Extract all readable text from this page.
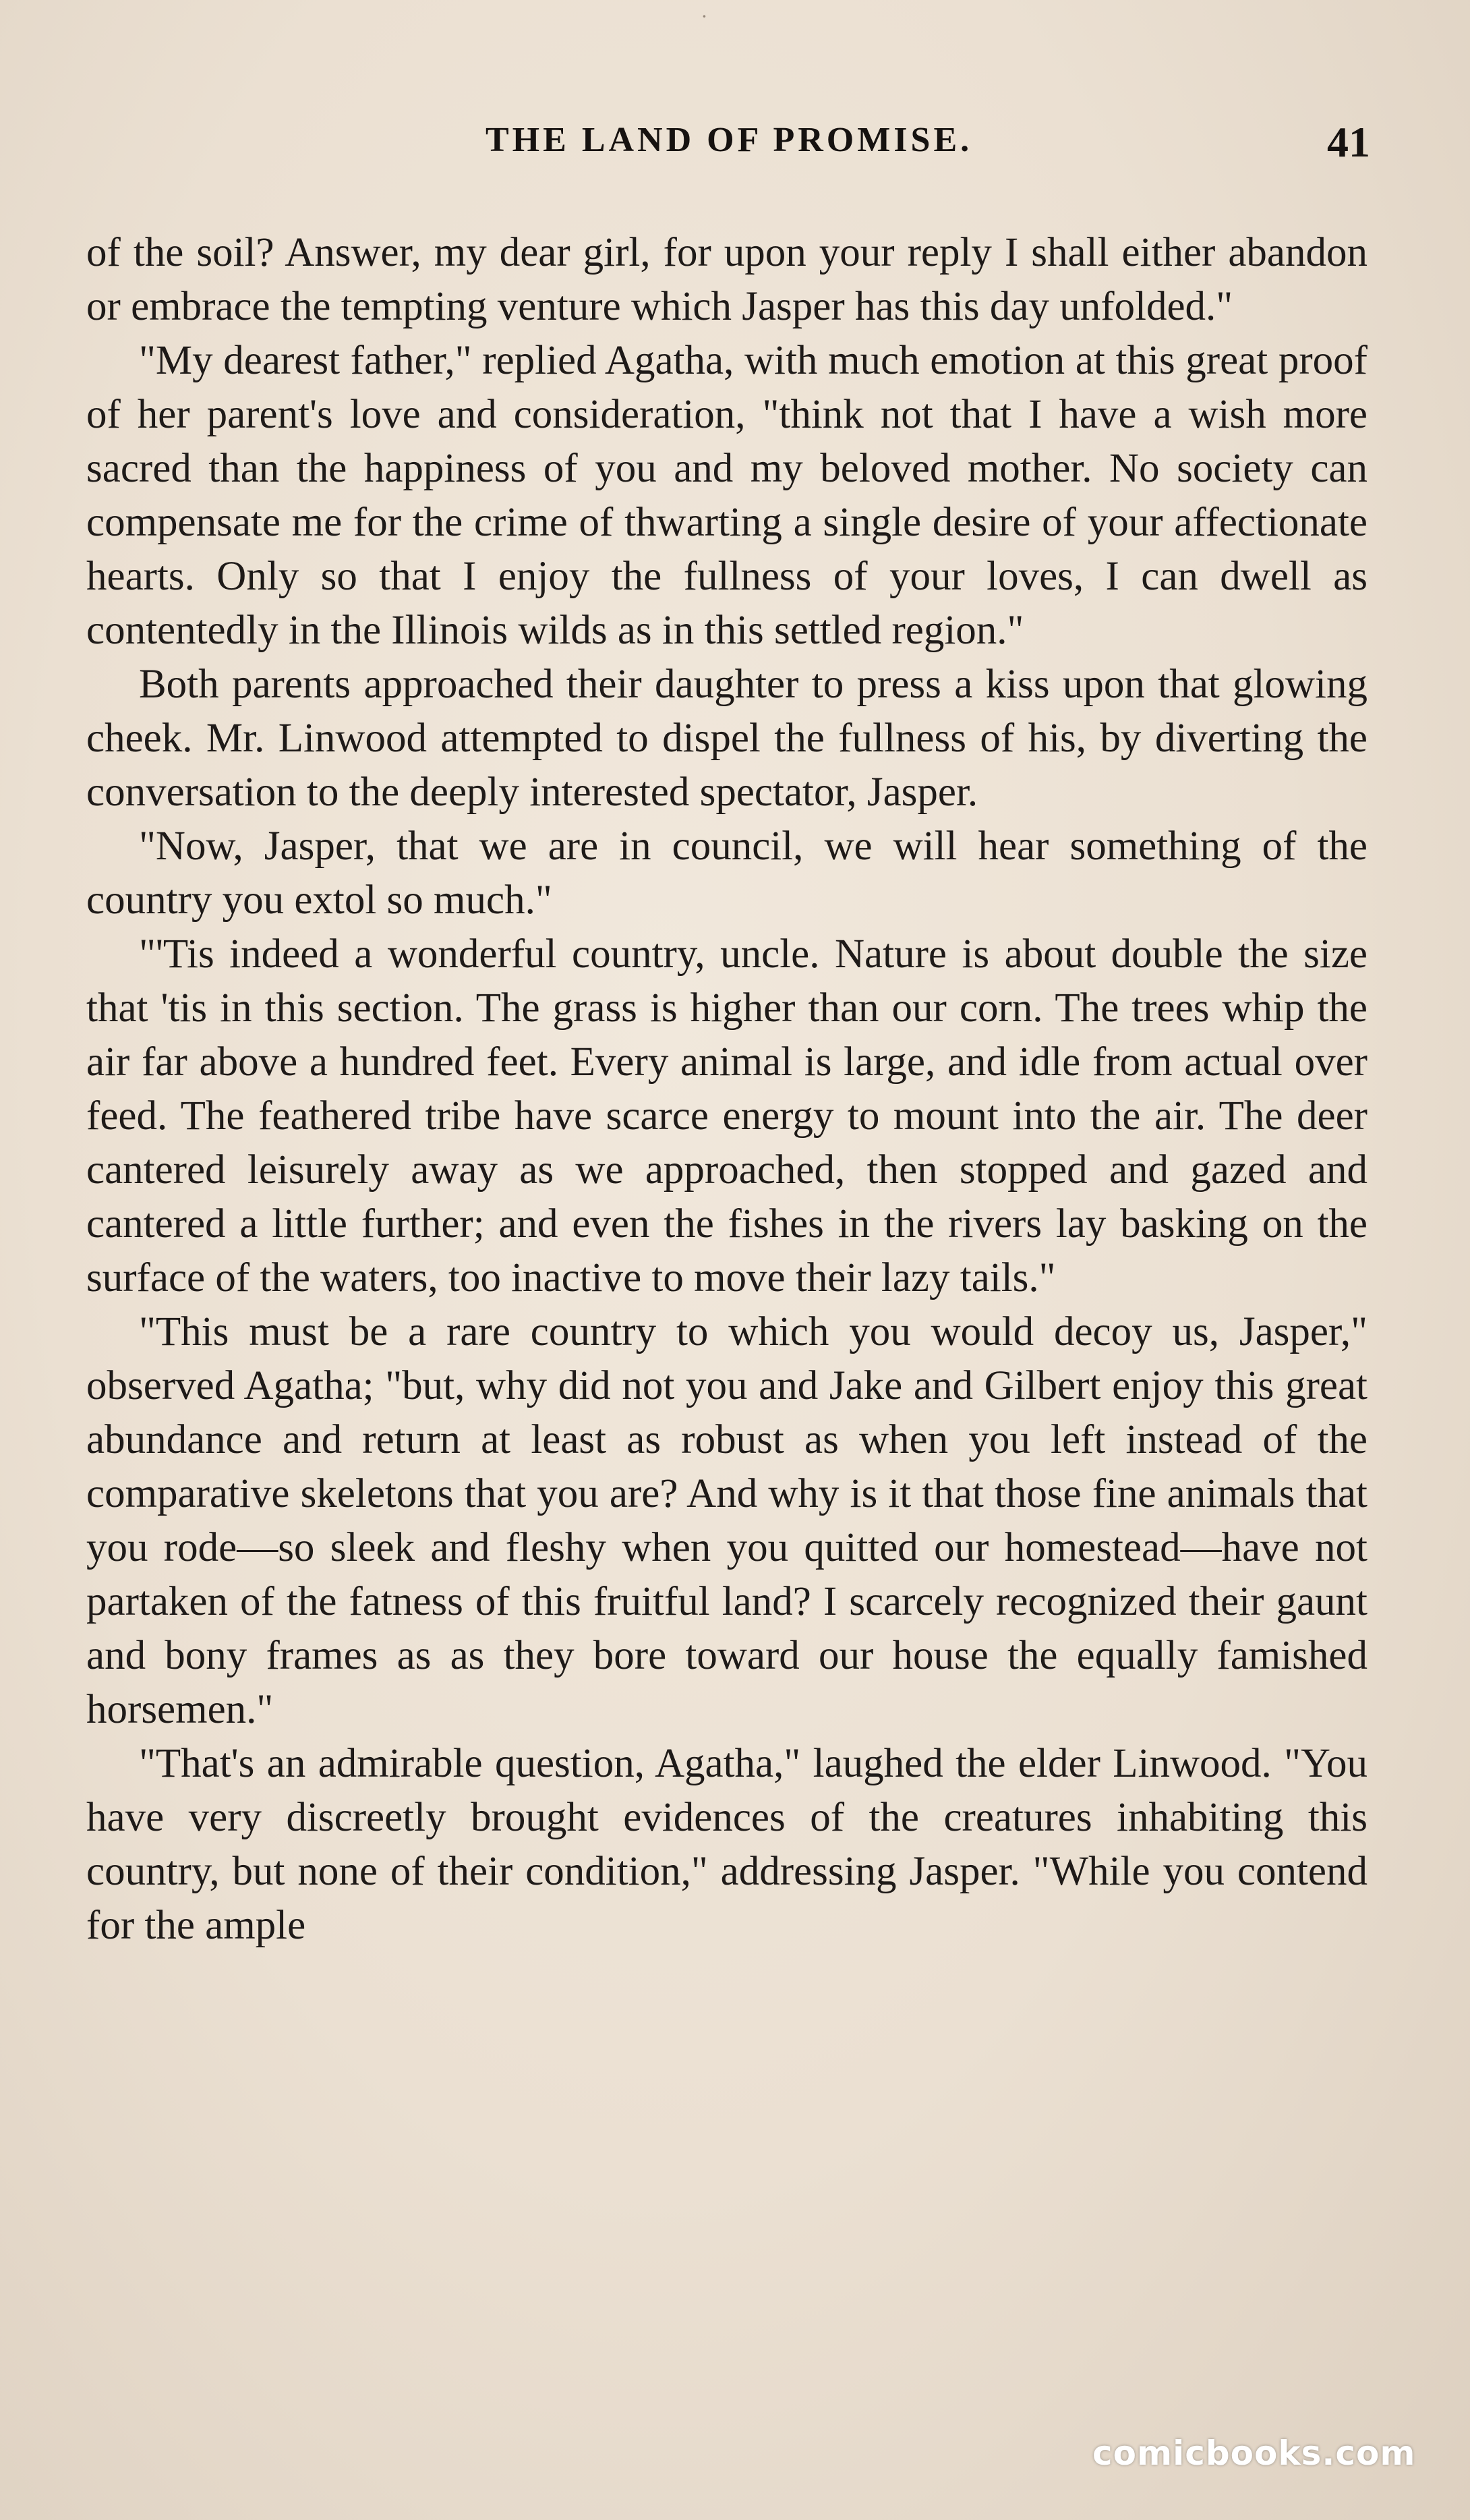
·
THE LAND OF PROMISE.	41

of the soil? Answer, my dear girl, for upon your reply I shall either abandon or embrace the tempting venture which Jasper has this day unfolded."

"My dearest father," replied Agatha, with much emotion at this great proof of her parent's love and consideration, "think not that I have a wish more sacred than the happiness of you and my beloved mother. No society can compensate me for the crime of thwarting a single desire of your affectionate hearts. Only so that I enjoy the fullness of your loves, I can dwell as contentedly in the Illinois wilds as in this settled region."

Both parents approached their daughter to press a kiss upon that glowing cheek. Mr. Linwood attempted to dispel the fullness of his, by diverting the conversation to the deeply interested spectator, Jasper.

"Now, Jasper, that we are in council, we will hear something of the country you extol so much."

"'Tis indeed a wonderful country, uncle. Nature is about double the size that 'tis in this section. The grass is higher than our corn. The trees whip the air far above a hundred feet. Every animal is large, and idle from actual over feed. The feathered tribe have scarce energy to mount into the air. The deer cantered leisurely away as we approached, then stopped and gazed and cantered a little further; and even the fishes in the rivers lay basking on the surface of the waters, too inactive to move their lazy tails."

"This must be a rare country to which you would decoy us, Jasper," observed Agatha; "but, why did not you and Jake and Gilbert enjoy this great abundance and return at least as robust as when you left instead of the comparative skeletons that you are? And why is it that those fine animals that you rode—so sleek and fleshy when you quitted our homestead—have not partaken of the fatness of this fruitful land? I scarcely recognized their gaunt and bony frames as as they bore toward our house the equally famished horsemen."

"That's an admirable question, Agatha," laughed the elder Linwood. "You have very discreetly brought evidences of the creatures inhabiting this country, but none of their condition," addressing Jasper. "While you contend for the ample

comicbooks.com
